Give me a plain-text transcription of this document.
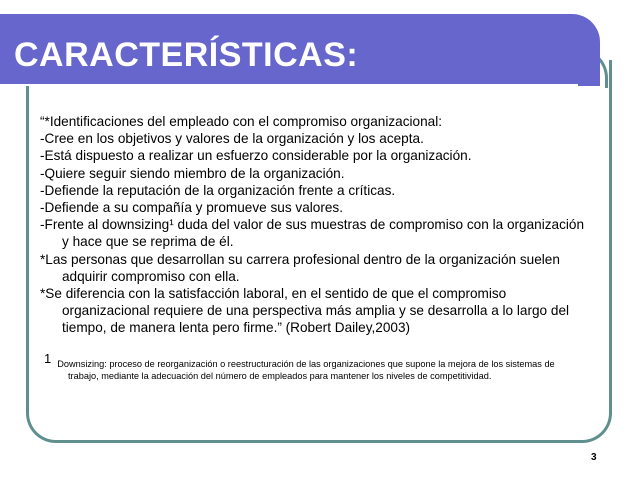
CARACTERÍSTICAS:

“*Identificaciones del empleado con el compromiso organizacional:

-Cree en los objetivos y valores de la organización y los acepta.

-Está dispuesto a realizar un esfuerzo considerable por la organización.

-Quiere seguir siendo miembro de la organización.

-Defiende la reputación de la organización frente a críticas.

-Defiende a su compañía y promueve sus valores.

-Frente al downsizing¹ duda del valor de sus muestras de compromiso con la organización y hace que se reprima de él.

*Las personas que desarrollan su carrera profesional dentro de la organización suelen adquirir compromiso con ella.

*Se diferencia con la satisfacción laboral, en el sentido de que el compromiso organizacional requiere de una perspectiva más amplia y se desarrolla a lo largo del tiempo, de manera lenta pero firme.” (Robert Dailey,2003)

1 Downsizing: proceso de reorganización o reestructuración de las organizaciones que supone la mejora de los sistemas de trabajo, mediante la adecuación del número de empleados para mantener los niveles de competitividad.

3
